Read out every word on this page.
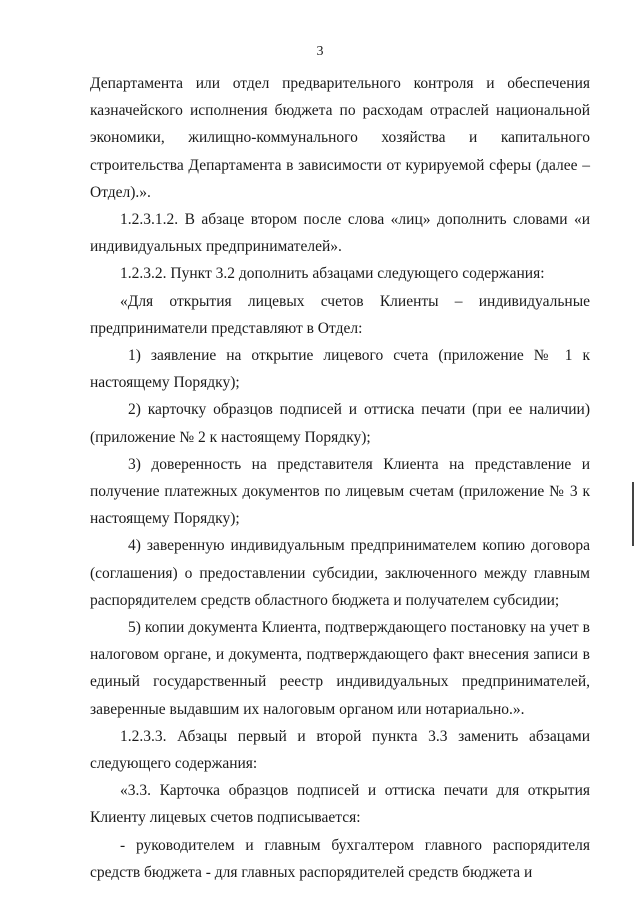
3

Департамента или отдел предварительного контроля и обеспечения казначейского исполнения бюджета по расходам отраслей национальной экономики, жилищно-коммунального хозяйства и капитального строительства Департамента в зависимости от курируемой сферы (далее – Отдел).».

1.2.3.1.2. В абзаце втором после слова «лиц» дополнить словами «и индивидуальных предпринимателей».

1.2.3.2. Пункт 3.2 дополнить абзацами следующего содержания:

«Для открытия лицевых счетов Клиенты – индивидуальные предприниматели представляют в Отдел:

1) заявление на открытие лицевого счета (приложение № 1 к настоящему Порядку);

2) карточку образцов подписей и оттиска печати (при ее наличии) (приложение № 2 к настоящему Порядку);

3) доверенность на представителя Клиента на представление и получение платежных документов по лицевым счетам (приложение № 3 к настоящему Порядку);

4) заверенную индивидуальным предпринимателем копию договора (соглашения) о предоставлении субсидии, заключенного между главным распорядителем средств областного бюджета и получателем субсидии;

5) копии документа Клиента, подтверждающего постановку на учет в налоговом органе, и документа, подтверждающего факт внесения записи в единый государственный реестр индивидуальных предпринимателей, заверенные выдавшим их налоговым органом или нотариально.».

1.2.3.3. Абзацы первый и второй пункта 3.3 заменить абзацами следующего содержания:

«3.3. Карточка образцов подписей и оттиска печати для открытия Клиенту лицевых счетов подписывается:

- руководителем и главным бухгалтером главного распорядителя средств бюджета - для главных распорядителей средств бюджета и
